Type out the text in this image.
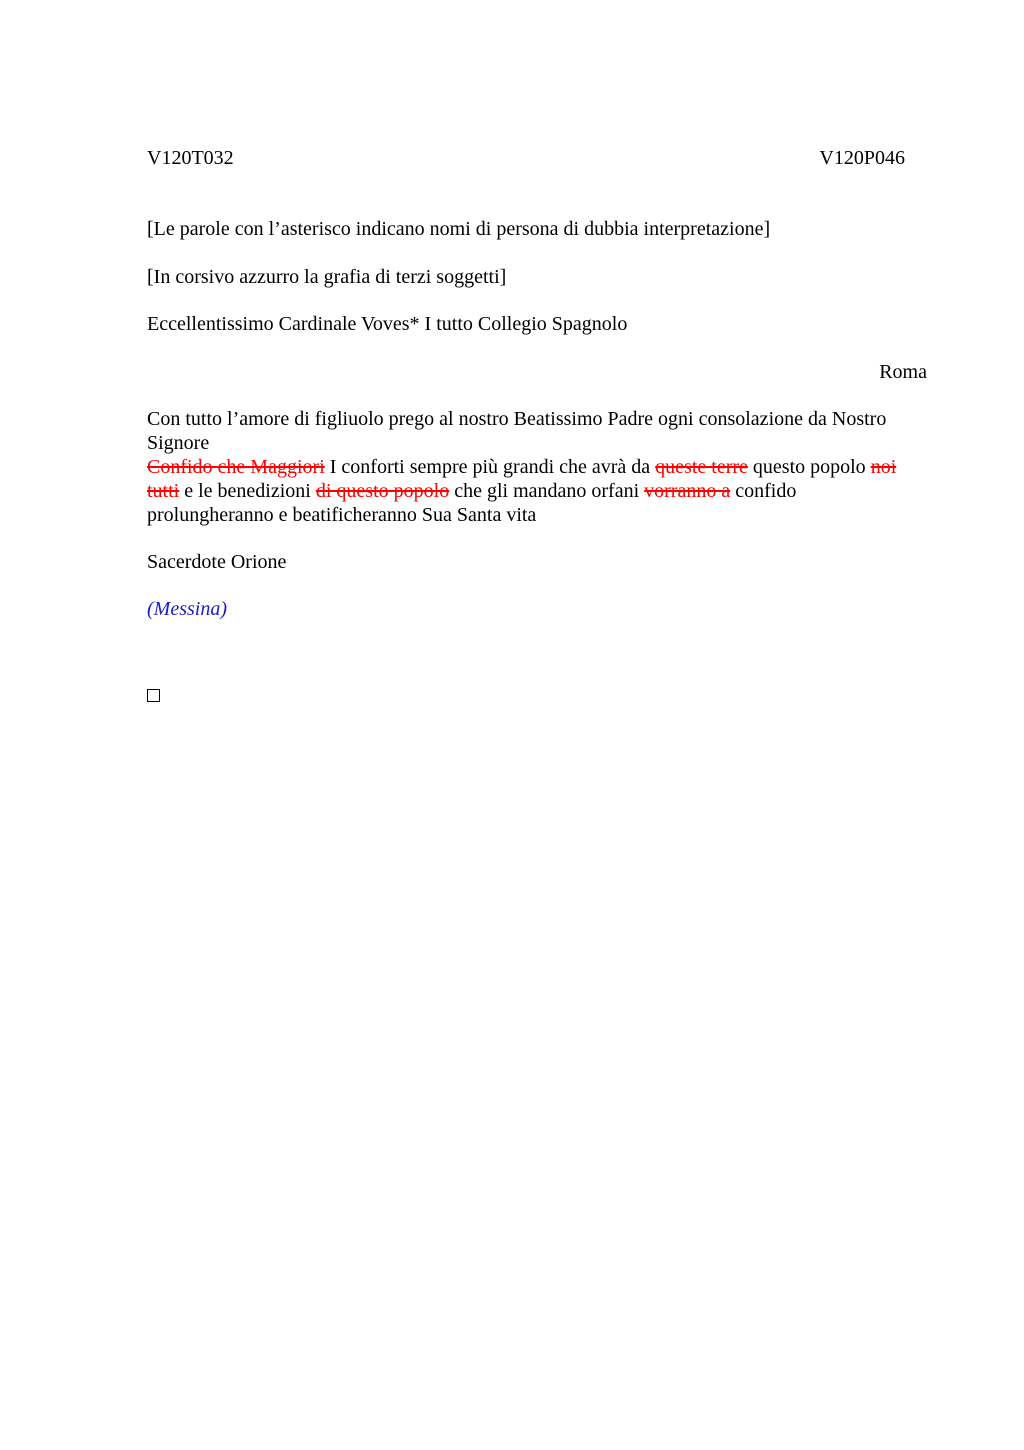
V120T032	V120P046
[Le parole con l’asterisco indicano nomi di persona di dubbia interpretazione]
[In corsivo azzurro la grafia di terzi soggetti]
Eccellentissimo Cardinale Voves* I tutto Collegio Spagnolo
Roma
Con tutto l’amore di figliuolo prego al nostro Beatissimo Padre ogni consolazione da Nostro
Signore
Confido che Maggiori I conforti sempre più grandi che avrà da queste terre questo popolo noi
tutti e le benedizioni di questo popolo che gli mandano orfani vorranno a confido
prolungheranno e beatificheranno Sua Santa vita
Sacerdote Orione
(Messina)
